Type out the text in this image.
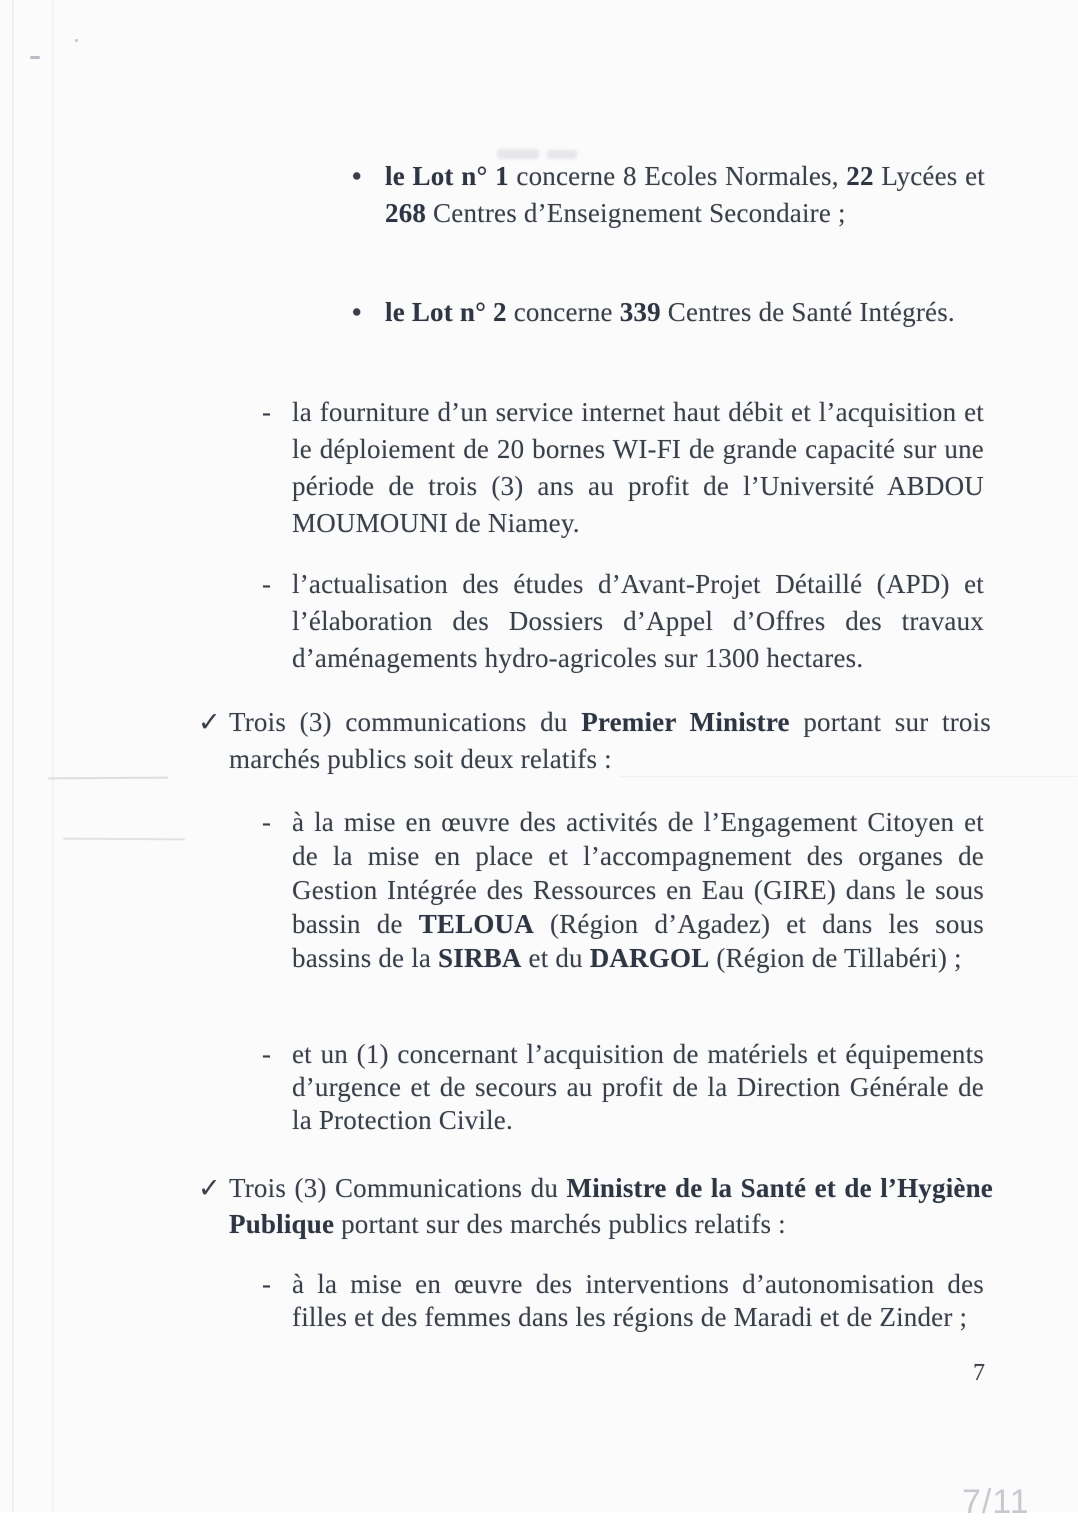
• le Lot n° 1 concerne 8 Ecoles Normales, 22 Lycées et 268 Centres d’Enseignement Secondaire ;

• le Lot n° 2 concerne 339 Centres de Santé Intégrés.

- la fourniture d’un service internet haut débit et l’acquisition et le déploiement de 20 bornes WI-FI de grande capacité sur une période de trois (3) ans au profit de l’Université ABDOU MOUMOUNI de Niamey.

- l’actualisation des études d’Avant-Projet Détaillé (APD) et l’élaboration des Dossiers d’Appel d’Offres des travaux d’aménagements hydro-agricoles sur 1300 hectares.

✓ Trois (3) communications du Premier Ministre portant sur trois marchés publics soit deux relatifs :

- à la mise en œuvre des activités de l’Engagement Citoyen et de la mise en place et l’accompagnement des organes de Gestion Intégrée des Ressources en Eau (GIRE) dans le sous bassin de TELOUA (Région d’Agadez) et dans les sous bassins de la SIRBA et du DARGOL (Région de Tillabéri) ;

- et un (1) concernant l’acquisition de matériels et équipements d’urgence et de secours au profit de la Direction Générale de la Protection Civile.

✓ Trois (3) Communications du Ministre de la Santé et de l’Hygiène Publique portant sur des marchés publics relatifs :

- à la mise en œuvre des interventions d’autonomisation des filles et des femmes dans les régions de Maradi et de Zinder ;

7
7/11
